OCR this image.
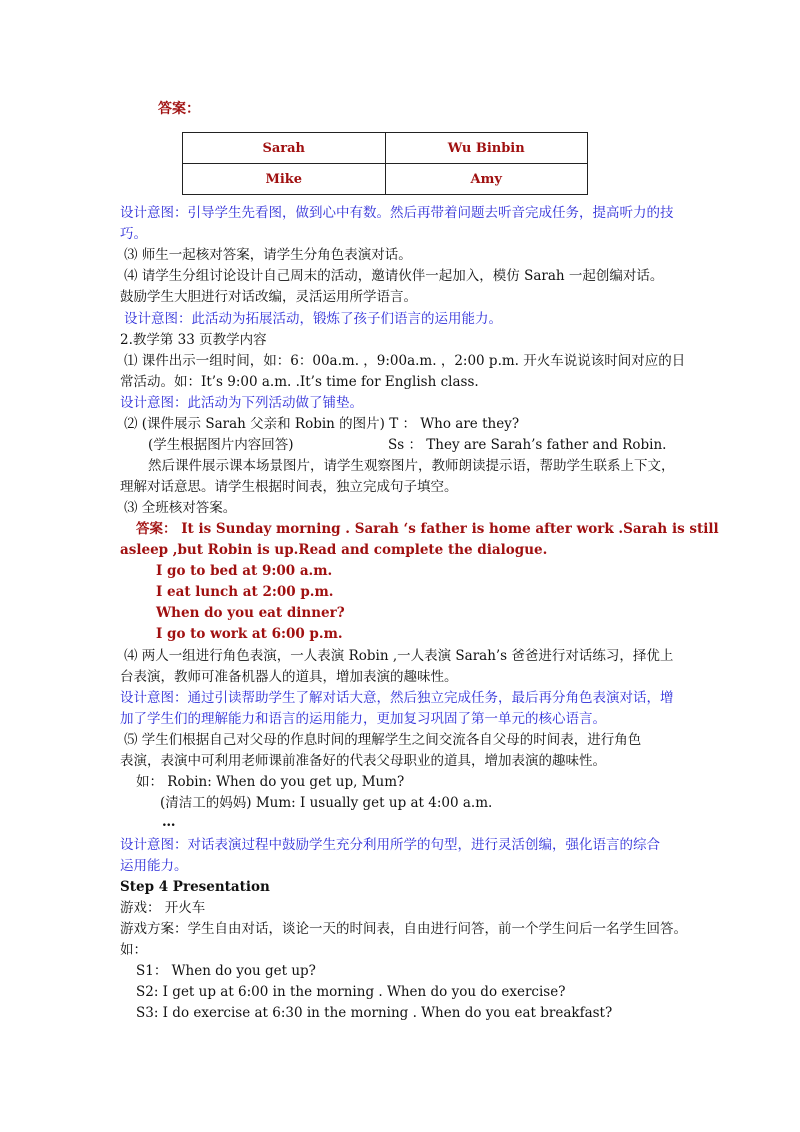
答案：
Sarah	Wu Binbin
Mike	Amy
设计意图：引导学生先看图，做到心中有数。然后再带着问题去听音完成任务，提高听力的技
巧。
⑶ 师生一起核对答案，请学生分角色表演对话。
⑷ 请学生分组讨论设计自己周末的活动，邀请伙伴一起加入，模仿 Sarah 一起创编对话。
鼓励学生大胆进行对话改编，灵活运用所学语言。
设计意图：此活动为拓展活动，锻炼了孩子们语言的运用能力。
2.教学第 33 页教学内容
⑴ 课件出示一组时间，如：6：00a.m. ，9:00a.m. ，2:00 p.m. 开火车说说该时间对应的日
常活动。如：It’s 9:00 a.m. .It’s time for English class.
设计意图：此活动为下列活动做了铺垫。
⑵ (课件展示 Sarah 父亲和 Robin 的图片) T ： Who are they?
(学生根据图片内容回答)	Ss ： They are Sarah’s father and Robin.
然后课件展示课本场景图片，请学生观察图片，教师朗读提示语，帮助学生联系上下文，
理解对话意思。请学生根据时间表，独立完成句子填空。
⑶ 全班核对答案。
答案： It is Sunday morning . Sarah ‘s father is home after work .Sarah is still
asleep ,but Robin is up.Read and complete the dialogue.
I go to bed at 9:00 a.m.
I eat lunch at 2:00 p.m.
When do you eat dinner?
I go to work at 6:00 p.m.
⑷ 两人一组进行角色表演，一人表演 Robin ,一人表演 Sarah’s 爸爸进行对话练习，择优上
台表演，教师可准备机器人的道具，增加表演的趣味性。
设计意图：通过引读帮助学生了解对话大意，然后独立完成任务，最后再分角色表演对话，增
加了学生们的理解能力和语言的运用能力，更加复习巩固了第一单元的核心语言。
⑸ 学生们根据自己对父母的作息时间的理解学生之间交流各自父母的时间表，进行角色
表演，表演中可利用老师课前准备好的代表父母职业的道具，增加表演的趣味性。
如： Robin: When do you get up, Mum?
(清洁工的妈妈) Mum: I usually get up at 4:00 a.m.
…
设计意图：对话表演过程中鼓励学生充分利用所学的句型，进行灵活创编，强化语言的综合
运用能力。
Step 4 Presentation
游戏： 开火车
游戏方案：学生自由对话，谈论一天的时间表，自由进行问答，前一个学生问后一名学生回答。
如：
S1： When do you get up?
S2: I get up at 6:00 in the morning . When do you do exercise?
S3: I do exercise at 6:30 in the morning . When do you eat breakfast?
